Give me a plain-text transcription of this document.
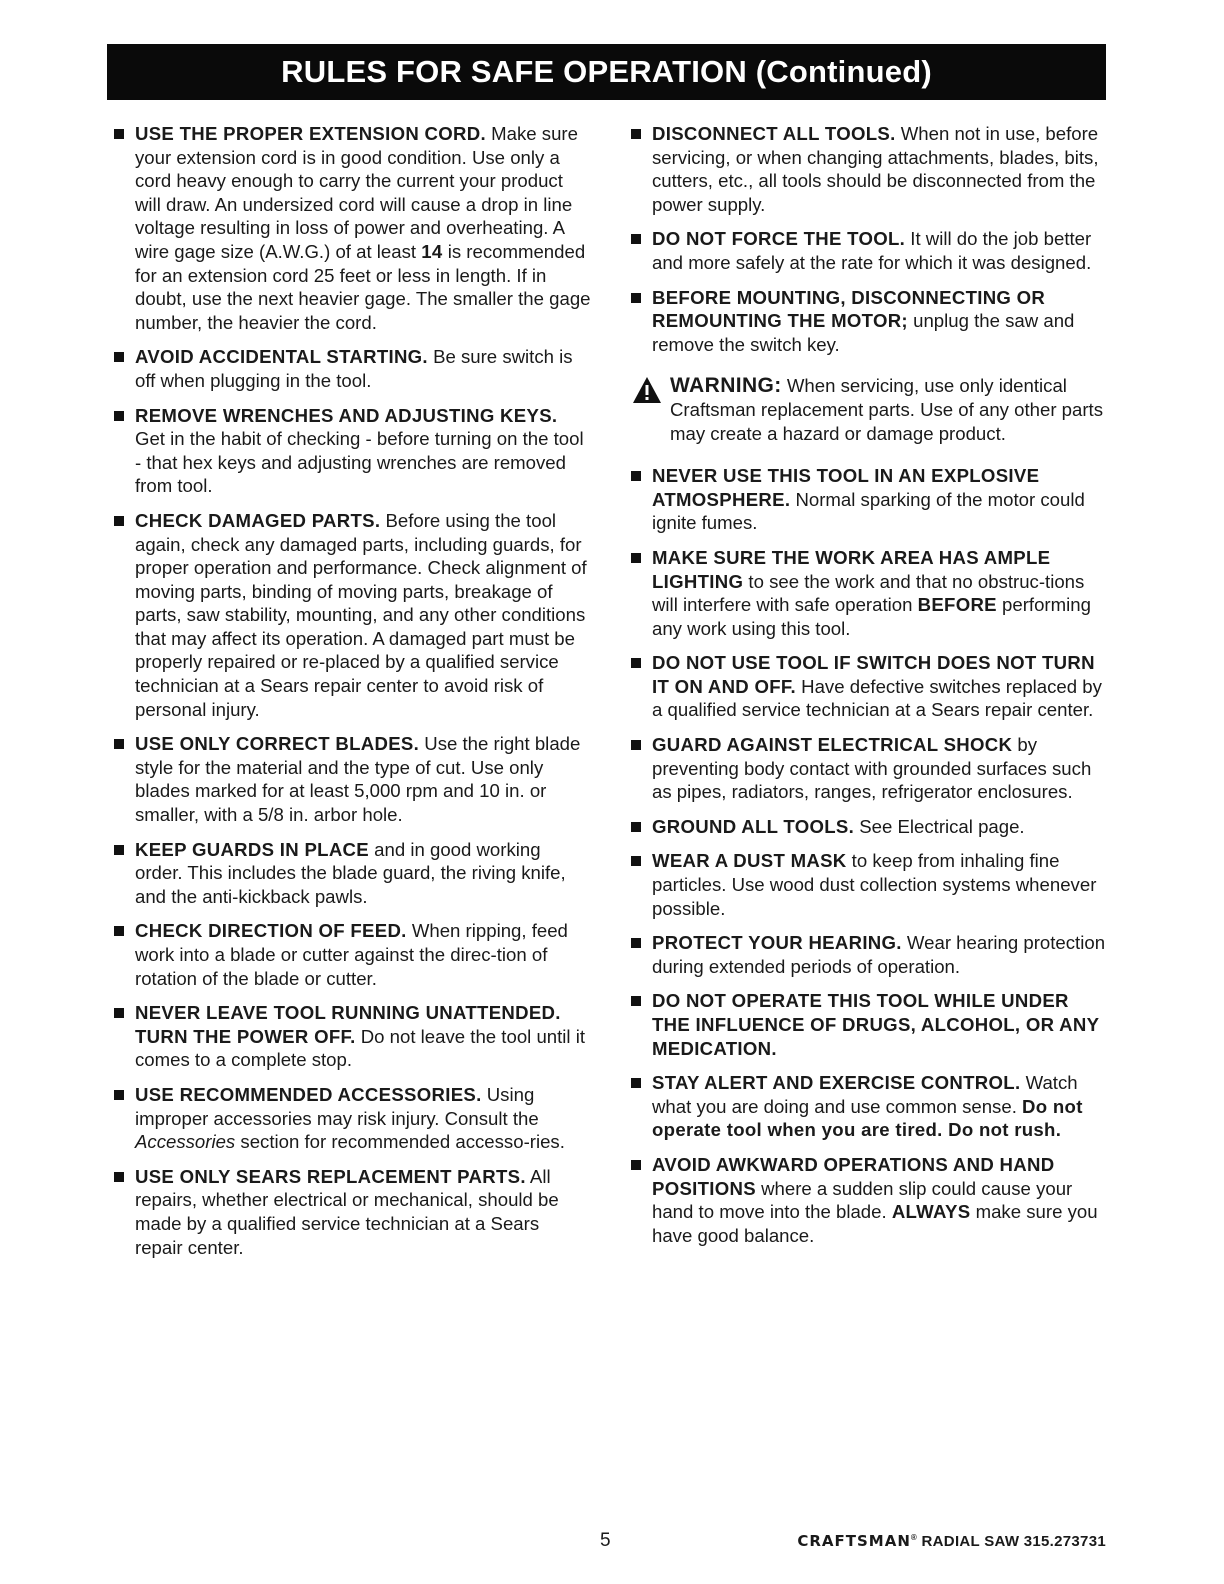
RULES FOR SAFE OPERATION (Continued)
USE THE PROPER EXTENSION CORD. Make sure your extension cord is in good condition. Use only a cord heavy enough to carry the current your product will draw. An undersized cord will cause a drop in line voltage resulting in loss of power and overheating. A wire gage size (A.W.G.) of at least 14 is recommended for an extension cord 25 feet or less in length. If in doubt, use the next heavier gage. The smaller the gage number, the heavier the cord.
AVOID ACCIDENTAL STARTING. Be sure switch is off when plugging in the tool.
REMOVE WRENCHES AND ADJUSTING KEYS. Get in the habit of checking - before turning on the tool - that hex keys and adjusting wrenches are removed from tool.
CHECK DAMAGED PARTS. Before using the tool again, check any damaged parts, including guards, for proper operation and performance. Check alignment of moving parts, binding of moving parts, breakage of parts, saw stability, mounting, and any other conditions that may affect its operation. A damaged part must be properly repaired or re-placed by a qualified service technician at a Sears repair center to avoid risk of personal injury.
USE ONLY CORRECT BLADES. Use the right blade style for the material and the type of cut. Use only blades marked for at least 5,000 rpm and 10 in. or smaller, with a 5/8 in. arbor hole.
KEEP GUARDS IN PLACE and in good working order. This includes the blade guard, the riving knife, and the anti-kickback pawls.
CHECK DIRECTION OF FEED. When ripping, feed work into a blade or cutter against the direc-tion of rotation of the blade or cutter.
NEVER LEAVE TOOL RUNNING UNATTENDED. TURN THE POWER OFF. Do not leave the tool until it comes to a complete stop.
USE RECOMMENDED ACCESSORIES. Using improper accessories may risk injury. Consult the Accessories section for recommended accesso-ries.
USE ONLY SEARS REPLACEMENT PARTS. All repairs, whether electrical or mechanical, should be made by a qualified service technician at a Sears repair center.
DISCONNECT ALL TOOLS. When not in use, before servicing, or when changing attachments, blades, bits, cutters, etc., all tools should be disconnected from the power supply.
DO NOT FORCE THE TOOL. It will do the job better and more safely at the rate for which it was designed.
BEFORE MOUNTING, DISCONNECTING OR REMOUNTING THE MOTOR; unplug the saw and remove the switch key.
WARNING: When servicing, use only identical Craftsman replacement parts. Use of any other parts may create a hazard or damage product.
NEVER USE THIS TOOL IN AN EXPLOSIVE ATMOSPHERE. Normal sparking of the motor could ignite fumes.
MAKE SURE THE WORK AREA HAS AMPLE LIGHTING to see the work and that no obstruc-tions will interfere with safe operation BEFORE performing any work using this tool.
DO NOT USE TOOL IF SWITCH DOES NOT TURN IT ON AND OFF. Have defective switches replaced by a qualified service technician at a Sears repair center.
GUARD AGAINST ELECTRICAL SHOCK by preventing body contact with grounded surfaces such as pipes, radiators, ranges, refrigerator enclosures.
GROUND ALL TOOLS. See Electrical page.
WEAR A DUST MASK to keep from inhaling fine particles. Use wood dust collection systems whenever possible.
PROTECT YOUR HEARING. Wear hearing protection during extended periods of operation.
DO NOT OPERATE THIS TOOL WHILE UNDER THE INFLUENCE OF DRUGS, ALCOHOL, OR ANY MEDICATION.
STAY ALERT AND EXERCISE CONTROL. Watch what you are doing and use common sense. Do not operate tool when you are tired. Do not rush.
AVOID AWKWARD OPERATIONS AND HAND POSITIONS where a sudden slip could cause your hand to move into the blade. ALWAYS make sure you have good balance.
5	CRAFTSMAN® RADIAL SAW 315.273731
